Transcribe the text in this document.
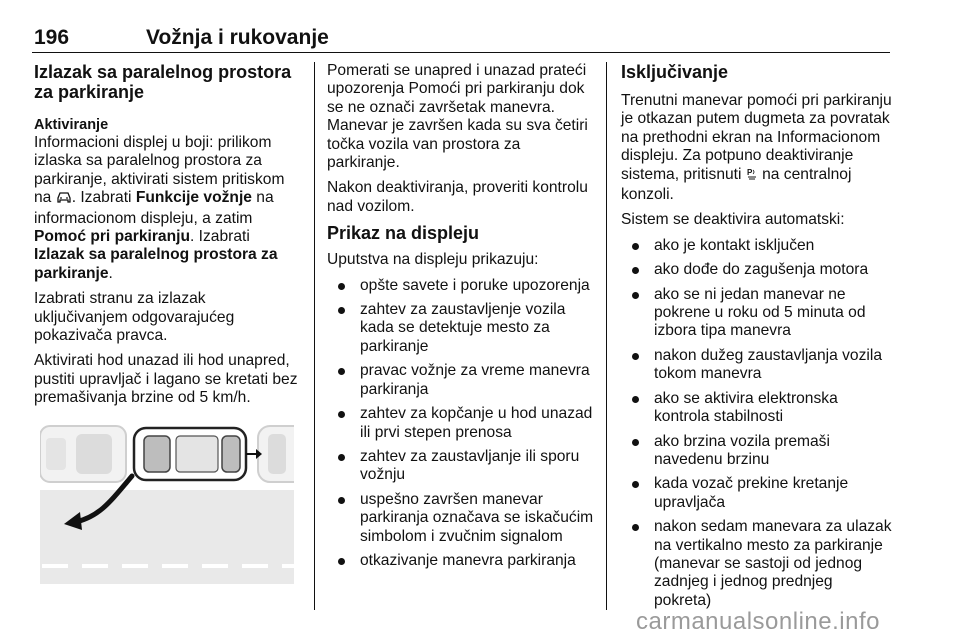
196	Vožnja i rukovanje
Izlazak sa paralelnog prostora za parkiranje
Aktiviranje

Informacioni displej u boji: prilikom izlaska sa paralelnog prostora za parkiranje, aktivirati sistem pritiskom na . Izabrati Funkcije vožnje na informacionom displeju, a zatim Pomoć pri parkiranju. Izabrati Izlazak sa paralelnog prostora za parkiranje.

Izabrati stranu za izlazak uključivanjem odgovarajućeg pokazivača pravca.

Aktivirati hod unazad ili hod unapred, pustiti upravljač i lagano se kretati bez premašivanja brzine od 5 km/h.

Pomerati se unapred i unazad prateći upozorenja Pomoći pri parkiranju dok se ne označi završetak manevra. Manevar je završen kada su sva četiri točka vozila van prostora za parkiranje.

Nakon deaktiviranja, proveriti kontrolu nad vozilom.

Prikaz na displeju

Uputstva na displeju prikazuju:

opšte savete i poruke upozorenja
zahtev za zaustavljenje vozila kada se detektuje mesto za parkiranje
pravac vožnje za vreme manevra parkiranja
zahtev za kopčanje u hod unazad ili prvi stepen prenosa
zahtev za zaustavljanje ili sporu vožnju
uspešno završen manevar parkiranja označava se iskačućim simbolom i zvučnim signalom
otkazivanje manevra parkiranja
Isključivanje

Trenutni manevar pomoći pri parkiranju je otkazan putem dugmeta za povratak na prethodni ekran na Informacionom displeju. Za potpuno deaktiviranje sistema, pritisnuti P na centralnoj konzoli.

Sistem se deaktivira automatski:

ako je kontakt isključen
ako dođe do zagušenja motora
ako se ni jedan manevar ne pokrene u roku od 5 minuta od izbora tipa manevra
nakon dužeg zaustavljanja vozila tokom manevra
ako se aktivira elektronska kontrola stabilnosti
ako brzina vozila premaši navedenu brzinu
kada vozač prekine kretanje upravljača
nakon sedam manevara za ulazak na vertikalno mesto za parkiranje (manevar se sastoji od jednog zadnjeg i jednog prednjeg pokreta)
carmanualsonline.info
